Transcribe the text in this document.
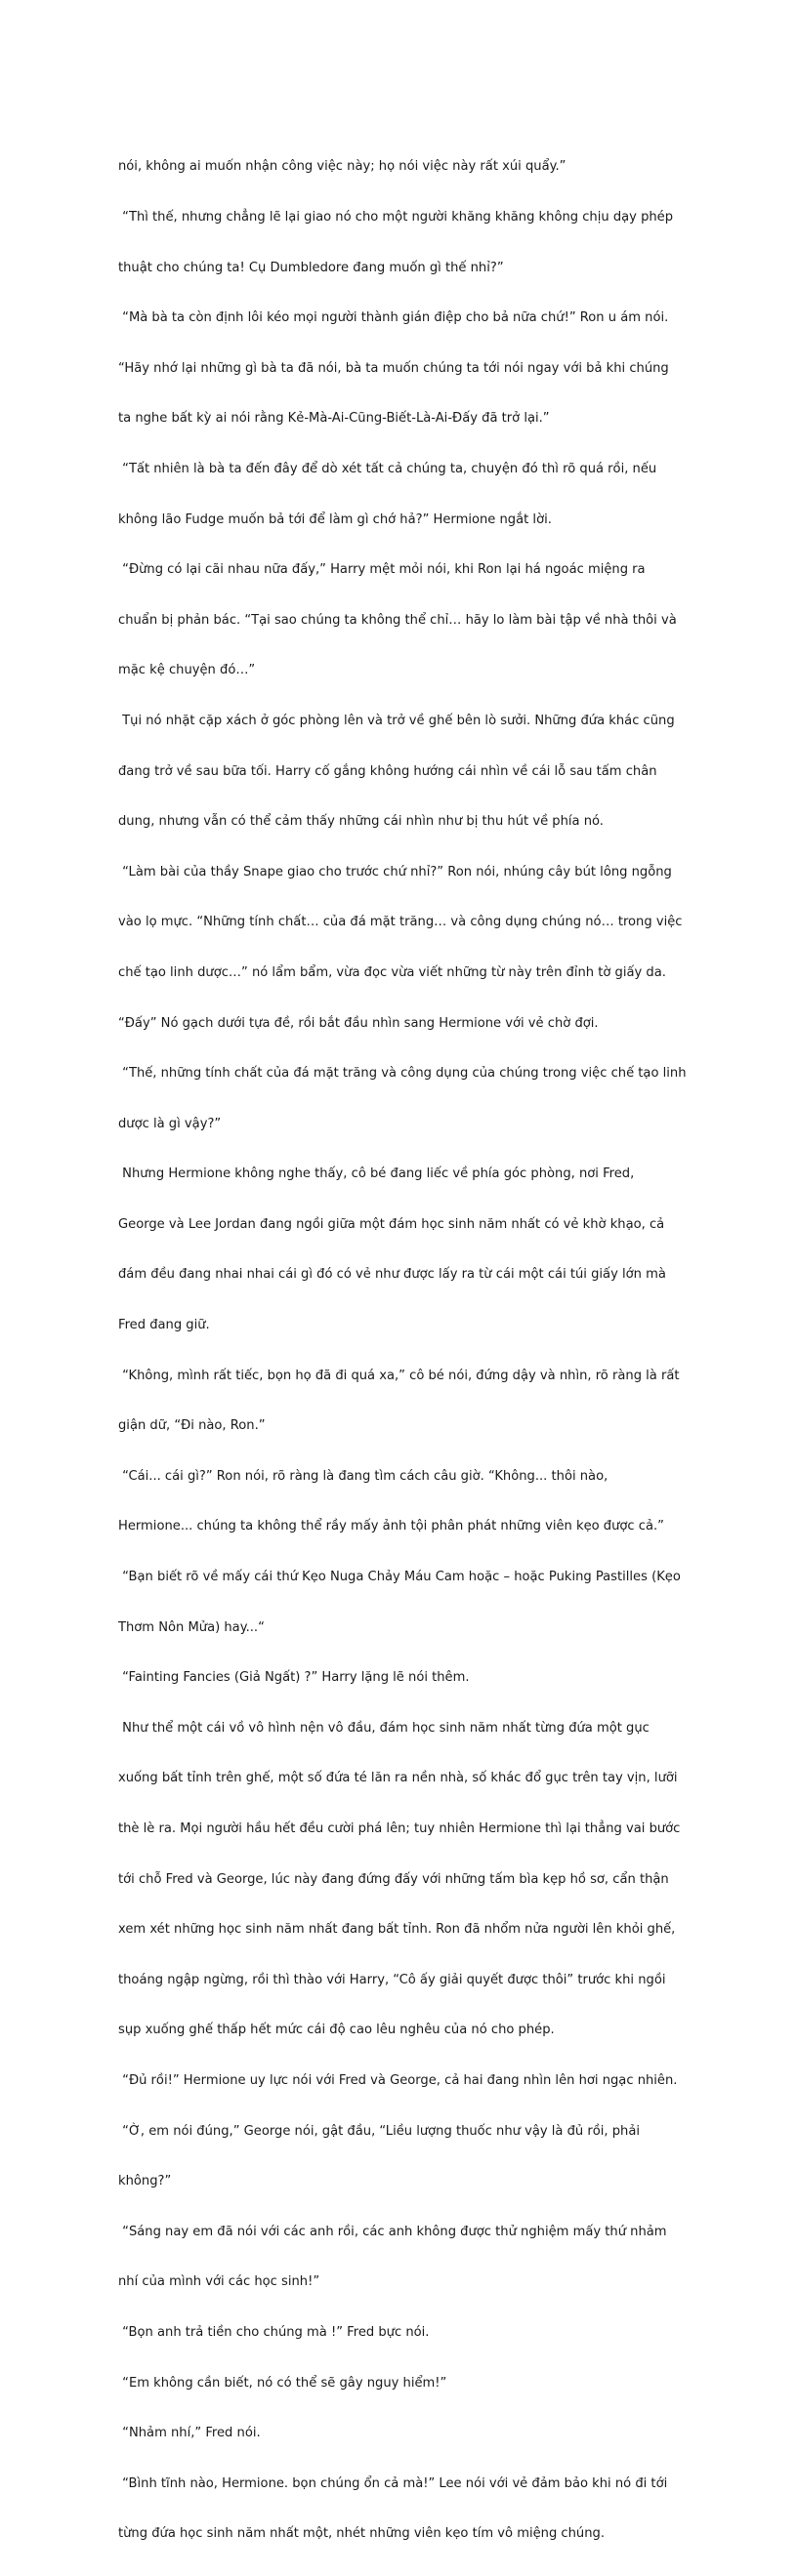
nói, không ai muốn nhận công việc này; họ nói việc này rất xúi quẩy.”

“Thì thế, nhưng chẳng lẽ lại giao nó cho một người khăng khăng không chịu dạy phép

thuật cho chúng ta! Cụ Dumbledore đang muốn gì thế nhỉ?”

“Mà bà ta còn định lôi kéo mọi người thành gián điệp cho bả nữa chứ!” Ron u ám nói.

“Hãy nhớ lại những gì bà ta đã nói, bà ta muốn chúng ta tới nói ngay với bả khi chúng

ta nghe bất kỳ ai nói rằng Kẻ-Mà-Ai-Cũng-Biết-Là-Ai-Đấy đã trở lại.”

“Tất nhiên là bà ta đến đây để dò xét tất cả chúng ta, chuyện đó thì rõ quá rồi, nếu

không lão Fudge muốn bả tới để làm gì chớ hả?” Hermione ngắt lời.

“Đừng có lại cãi nhau nữa đấy,” Harry mệt mỏi nói, khi Ron lại há ngoác miệng ra

chuẩn bị phản bác. “Tại sao chúng ta không thể chỉ… hãy lo làm bài tập về nhà thôi và

mặc kệ chuyện đó…”

Tụi nó nhặt cặp xách ở góc phòng lên và trở về ghế bên lò sưởi. Những đứa khác cũng

đang trở về sau bữa tối. Harry cố gắng không hướng cái nhìn về cái lỗ sau tấm chân

dung, nhưng vẫn có thể cảm thấy những cái nhìn như bị thu hút về phía nó.

“Làm bài của thầy Snape giao cho trước chứ nhỉ?” Ron nói, nhúng cây bút lông ngỗng

vào lọ mực. “Những tính chất… của đá mặt trăng… và công dụng chúng nó… trong việc

chế tạo linh dược…” nó lẩm bẩm, vừa đọc vừa viết những từ này trên đỉnh tờ giấy da.

“Đấy” Nó gạch dưới tựa đề, rồi bắt đầu nhìn sang Hermione với vẻ chờ đợi.

“Thế, những tính chất của đá mặt trăng và công dụng của chúng trong việc chế tạo linh

dược là gì vậy?”

Nhưng Hermione không nghe thấy, cô bé đang liếc về phía góc phòng, nơi Fred,

George và Lee Jordan đang ngồi giữa một đám học sinh năm nhất có vẻ khờ khạo, cả

đám đều đang nhai nhai cái gì đó có vẻ như được lấy ra từ cái một cái túi giấy lớn mà

Fred đang giữ.

“Không, mình rất tiếc, bọn họ đã đi quá xa,” cô bé nói, đứng dậy và nhìn, rõ ràng là rất

giận dữ, “Đi nào, Ron.”

“Cái... cái gì?” Ron nói, rõ ràng là đang tìm cách câu giờ. “Không... thôi nào,

Hermione... chúng ta không thể rầy mấy ảnh tội phân phát những viên kẹo được cả.”

“Bạn biết rõ về mấy cái thứ Kẹo Nuga Chảy Máu Cam hoặc – hoặc Puking Pastilles (Kẹo

Thơm Nôn Mửa) hay...“

“Fainting Fancies (Giả Ngất) ?” Harry lặng lẽ nói thêm.

Như thể một cái vồ vô hình nện vô đầu, đám học sinh năm nhất từng đứa một gục

xuống bất tỉnh trên ghế, một số đứa té lăn ra nền nhà, số khác đổ gục trên tay vịn, lưỡi

thè lè ra. Mọi người hầu hết đều cười phá lên; tuy nhiên Hermione thì lại thẳng vai bước

tới chỗ Fred và George, lúc này đang đứng đấy với những tấm bìa kẹp hồ sơ, cẩn thận

xem xét những học sinh năm nhất đang bất tỉnh. Ron đã nhổm nửa người lên khỏi ghế,

thoáng ngập ngừng, rồi thì thào với Harry, “Cô ấy giải quyết được thôi” trước khi ngồi

sụp xuống ghế thấp hết mức cái độ cao lêu nghêu của nó cho phép.

“Đủ rồi!” Hermione uy lực nói với Fred và George, cả hai đang nhìn lên hơi ngạc nhiên.

“Ờ, em nói đúng,” George nói, gật đầu, “Liều lượng thuốc như vậy là đủ rồi, phải

không?”

“Sáng nay em đã nói với các anh rồi, các anh không được thử nghiệm mấy thứ nhảm

nhí của mình với các học sinh!”

“Bọn anh trả tiền cho chúng mà !” Fred bực nói.

“Em không cần biết, nó có thể sẽ gây nguy hiểm!”

“Nhảm nhí,” Fred nói.

“Bình tĩnh nào, Hermione. bọn chúng ổn cả mà!” Lee nói với vẻ đảm bảo khi nó đi tới

từng đứa học sinh năm nhất một, nhét những viên kẹo tím vô miệng chúng.
